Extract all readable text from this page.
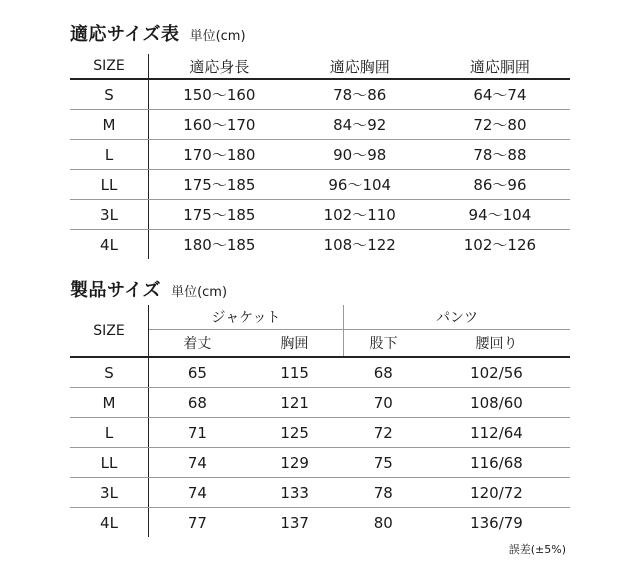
適応サイズ表 単位(cm)
SIZE	適応身長	適応胸囲	適応胴囲
S	150〜160	78〜86	64〜74
M	160〜170	84〜92	72〜80
L	170〜180	90〜98	78〜88
LL	175〜185	96〜104	86〜96
3L	175〜185	102〜110	94〜104
4L	180〜185	108〜122	102〜126
製品サイズ 単位(cm)
SIZE	ジャケット		パンツ	
	着丈	胸囲	股下	腰回り
S	65	115	68	102/56
M	68	121	70	108/60
L	71	125	72	112/64
LL	74	129	75	116/68
3L	74	133	78	120/72
4L	77	137	80	136/79
誤差(±5%)
